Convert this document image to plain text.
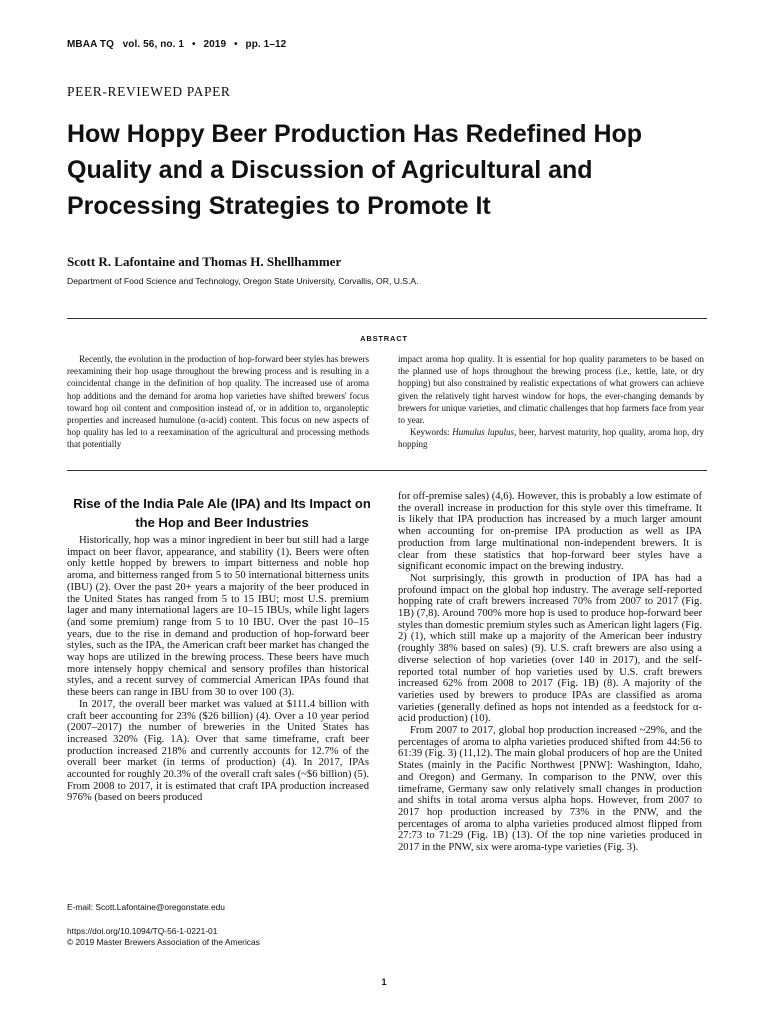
MBAA TQ vol. 56, no. 1 • 2019 • pp. 1–12
PEER-REVIEWED PAPER
How Hoppy Beer Production Has Redefined Hop Quality and a Discussion of Agricultural and Processing Strategies to Promote It
Scott R. Lafontaine and Thomas H. Shellhammer
Department of Food Science and Technology, Oregon State University, Corvallis, OR, U.S.A.
ABSTRACT

Recently, the evolution in the production of hop-forward beer styles has brewers reexamining their hop usage throughout the brewing process and is resulting in a coincidental change in the definition of hop quality. The increased use of aroma hop additions and the demand for aroma hop varieties have shifted brewers' focus toward hop oil content and composition instead of, or in addition to, organoleptic properties and increased humulone (α-acid) content. This focus on new aspects of hop quality has led to a reexamination of the agricultural and processing methods that potentially

impact aroma hop quality. It is essential for hop quality parameters to be based on the planned use of hops throughout the brewing process (i.e., kettle, late, or dry hopping) but also constrained by realistic expectations of what growers can achieve given the relatively tight harvest window for hops, the ever-changing demands by brewers for unique varieties, and climatic challenges that hop farmers face from year to year.

Keywords: Humulus lupulus, beer, harvest maturity, hop quality, aroma hop, dry hopping

Rise of the India Pale Ale (IPA) and Its Impact on the Hop and Beer Industries

Historically, hop was a minor ingredient in beer but still had a large impact on beer flavor, appearance, and stability (1). Beers were often only kettle hopped by brewers to impart bitterness and noble hop aroma, and bitterness ranged from 5 to 50 international bitterness units (IBU) (2). Over the past 20+ years a majority of the beer produced in the United States has ranged from 5 to 15 IBU; most U.S. premium lager and many international lagers are 10–15 IBUs, while light lagers (and some premium) range from 5 to 10 IBU. Over the past 10–15 years, due to the rise in demand and production of hop-forward beer styles, such as the IPA, the American craft beer market has changed the way hops are utilized in the brewing process. These beers have much more intensely hoppy chemical and sensory profiles than historical styles, and a recent survey of commercial American IPAs found that these beers can range in IBU from 30 to over 100 (3).

In 2017, the overall beer market was valued at $111.4 billion with craft beer accounting for 23% ($26 billion) (4). Over a 10 year period (2007–2017) the number of breweries in the United States has increased 320% (Fig. 1A). Over that same timeframe, craft beer production increased 218% and currently accounts for 12.7% of the overall beer market (in terms of production) (4). In 2017, IPAs accounted for roughly 20.3% of the overall craft sales (~$6 billion) (5). From 2008 to 2017, it is estimated that craft IPA production increased 976% (based on beers produced

for off-premise sales) (4,6). However, this is probably a low estimate of the overall increase in production for this style over this timeframe. It is likely that IPA production has increased by a much larger amount when accounting for on-premise IPA production as well as IPA production from large multinational non-independent brewers. It is clear from these statistics that hop-forward beer styles have a significant economic impact on the brewing industry.

Not surprisingly, this growth in production of IPA has had a profound impact on the global hop industry. The average self-reported hopping rate of craft brewers increased 70% from 2007 to 2017 (Fig. 1B) (7,8). Around 700% more hop is used to produce hop-forward beer styles than domestic premium styles such as American light lagers (Fig. 2) (1), which still make up a majority of the American beer industry (roughly 38% based on sales) (9). U.S. craft brewers are also using a diverse selection of hop varieties (over 140 in 2017), and the self-reported total number of hop varieties used by U.S. craft brewers increased 62% from 2008 to 2017 (Fig. 1B) (8). A majority of the varieties used by brewers to produce IPAs are classified as aroma varieties (generally defined as hops not intended as a feedstock for α-acid production) (10).

From 2007 to 2017, global hop production increased ~29%, and the percentages of aroma to alpha varieties produced shifted from 44:56 to 61:39 (Fig. 3) (11,12). The main global producers of hop are the United States (mainly in the Pacific Northwest [PNW]: Washington, Idaho, and Oregon) and Germany. In comparison to the PNW, over this timeframe, Germany saw only relatively small changes in production and shifts in total aroma versus alpha hops. However, from 2007 to 2017 hop production increased by 73% in the PNW, and the percentages of aroma to alpha varieties produced almost flipped from 27:73 to 71:29 (Fig. 1B) (13). Of the top nine varieties produced in 2017 in the PNW, six were aroma-type varieties (Fig. 3).

E-mail: Scott.Lafontaine@oregonstate.edu
https://doi.org/10.1094/TQ-56-1-0221-01
© 2019 Master Brewers Association of the Americas
1
